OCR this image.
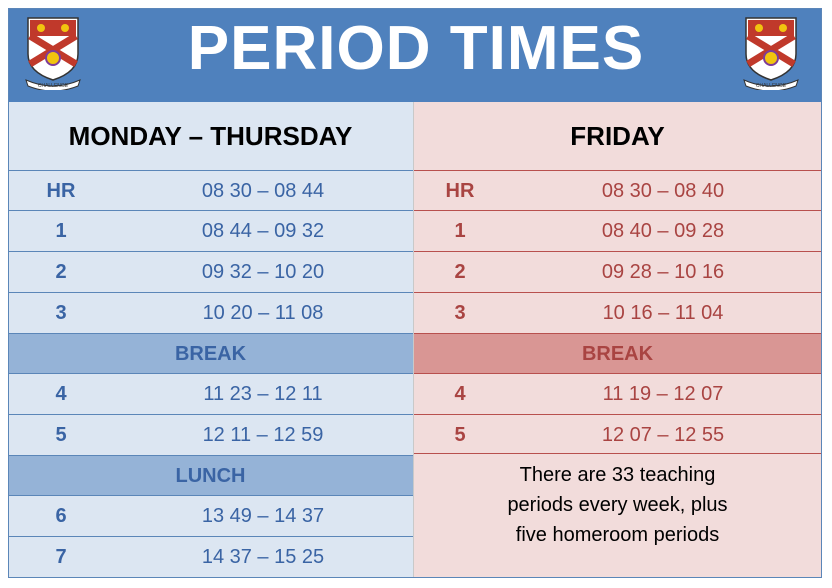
PERIOD TIMES
CHALLENGE	CHALLENGE
MONDAY – THURSDAY	FRIDAY
HR	08 30 – 08 44
1	08 44 – 09 32
2	09 32 – 10 20
3	10 20 – 11 08
BREAK
4	11 23 – 12 11
5	12 11 – 12 59
LUNCH
6	13 49 – 14 37
7	14 37 – 15 25
HR	08 30 – 08 40
1	08 40 – 09 28
2	09 28 – 10 16
3	10 16 – 11 04
BREAK
4	11 19 – 12 07
5	12 07 – 12 55
There are 33 teaching
periods every week, plus
five homeroom periods
